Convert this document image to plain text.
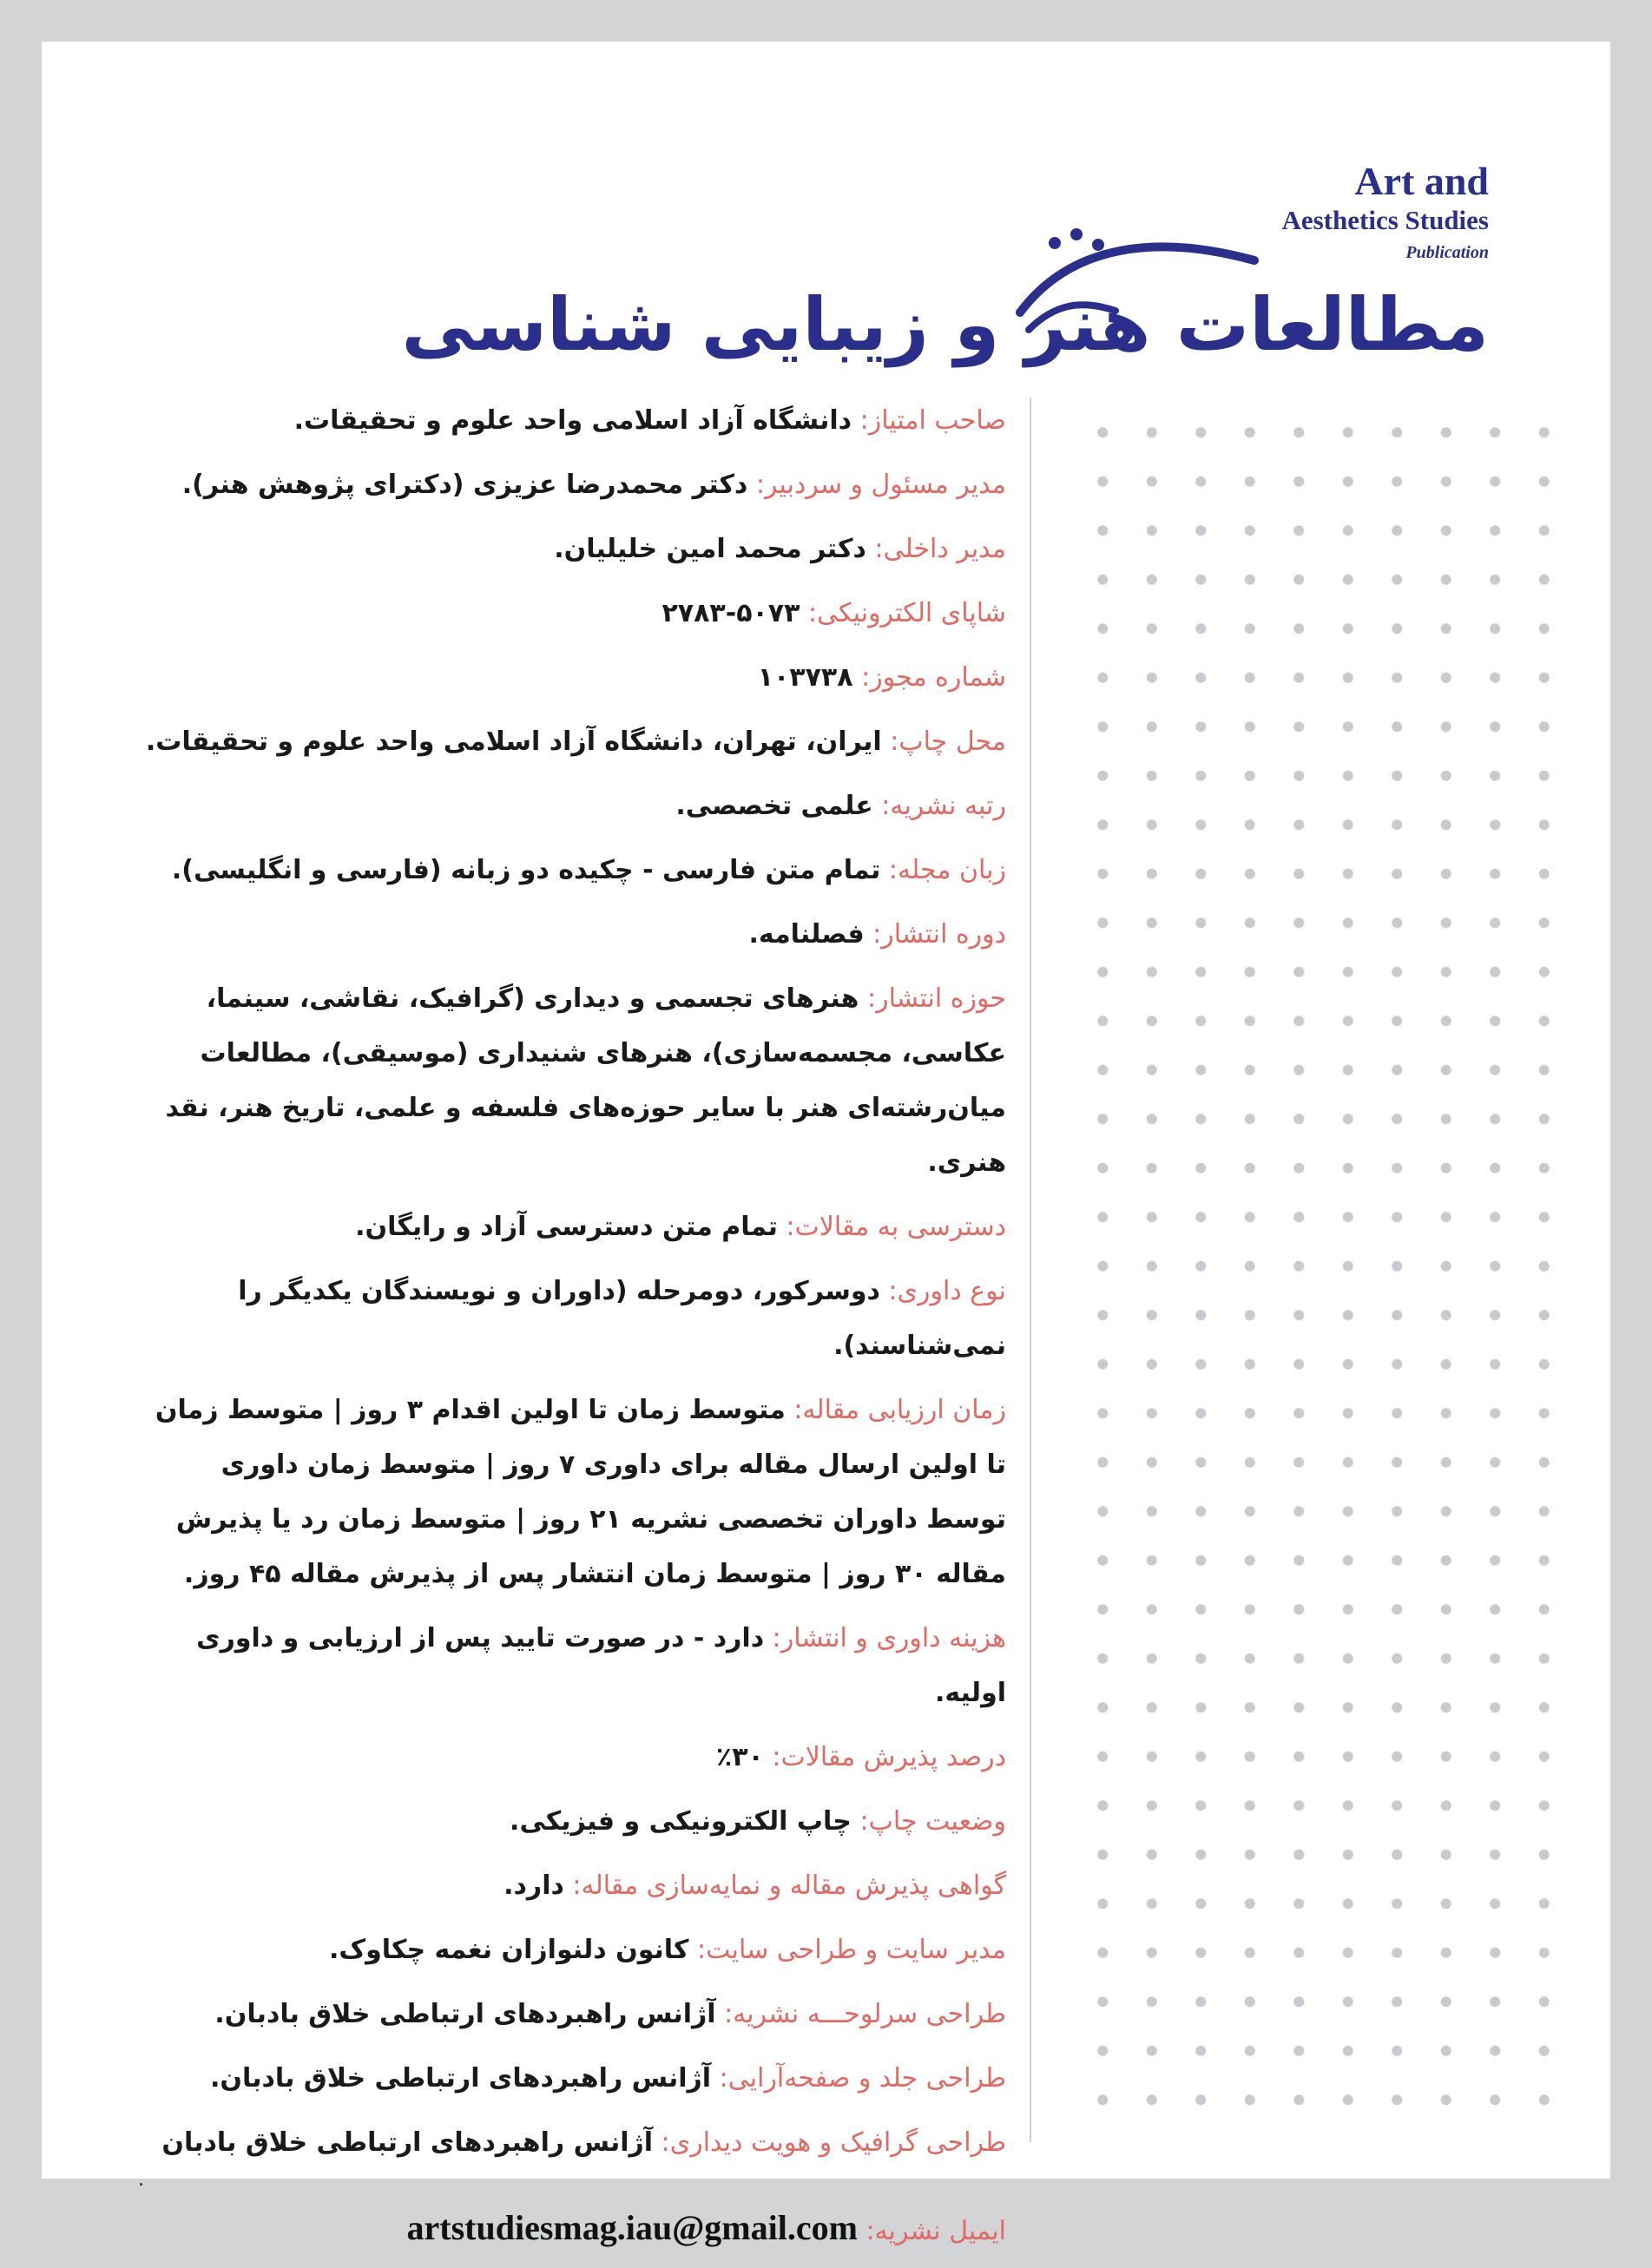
Art and
Aesthetics Studies
Publication
مطالعات هنر و زیبایی شناسی
صاحب امتیاز: دانشگاه آزاد اسلامی واحد علوم و تحقیقات.
مدیر مسئول و سردبیر: دکتر محمدرضا عزیزی (دکترای پژوهش هنر).
مدیر داخلی: دکتر محمد امین خلیلیان.
شاپای الکترونیکی: ۵۰۷۳-۲۷۸۳
شماره مجوز: ۱۰۳۷۳۸
محل چاپ: ایران، تهران، دانشگاه آزاد اسلامی واحد علوم و تحقیقات.
رتبه نشریه: علمی تخصصی.
زبان مجله: تمام متن فارسی - چکیده دو زبانه (فارسی و انگلیسی).
دوره انتشار: فصلنامه.
حوزه انتشار: هنرهای تجسمی و دیداری (گرافیک، نقاشی، سینما، عکاسی، مجسمه‌سازی)، هنرهای شنیداری (موسیقی)، مطالعات میان‌رشته‌ای هنر با سایر حوزه‌های فلسفه و علمی، تاریخ هنر، نقد هنری.
دسترسی به مقالات: تمام متن دسترسی آزاد و رایگان.
نوع داوری: دوسرکور، دومرحله (داوران و نویسندگان یکدیگر را نمی‌شناسند).
زمان ارزیابی مقاله: متوسط زمان تا اولین اقدام ۳ روز | متوسط زمان تا اولین ارسال مقاله برای داوری ۷ روز | متوسط زمان داوری توسط داوران تخصصی نشریه ۲۱ روز | متوسط زمان رد یا پذیرش مقاله ۳۰ روز | متوسط زمان انتشار پس از پذیرش مقاله ۴۵ روز.
هزینه داوری و انتشار: دارد - در صورت تایید پس از ارزیابی و داوری اولیه.
درصد پذیرش مقالات: ۳۰٪
وضعیت چاپ: چاپ الکترونیکی و فیزیکی.
گواهی پذیرش مقاله و نمایه‌سازی مقاله: دارد.
مدیر سایت و طراحی سایت: کانون دلنوازان نغمه چکاوک.
طراحی سرلوحـــه نشریه: آژانس راهبردهای ارتباطی خلاق بادبان.
طراحی جلد و صفحه‌آرایی: آژانس راهبردهای ارتباطی خلاق بادبان.
طراحی گرافیک و هویت دیداری: آژانس راهبردهای ارتباطی خلاق بادبان
.
ایمیل نشریه: artstudiesmag.iau@gmail.com
